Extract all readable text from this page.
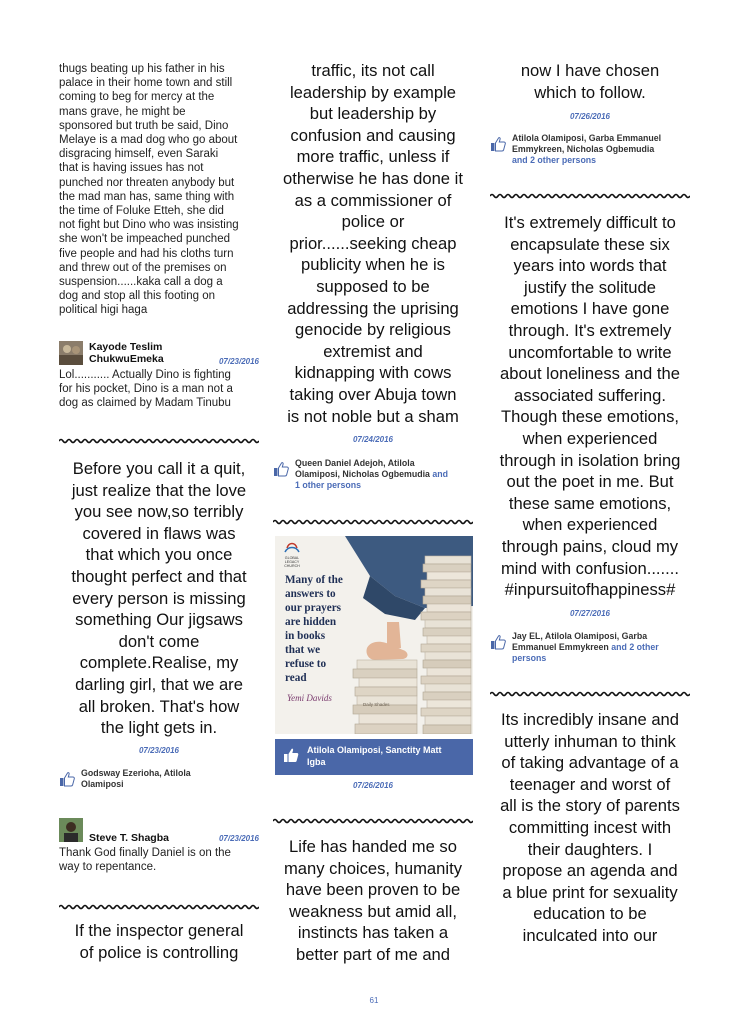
thugs beating up his father in his
palace in their home town and still
coming to beg for mercy at the
mans grave, he might be
sponsored but truth be said, Dino
Melaye is a mad dog who go about
disgracing himself, even Saraki
that is having issues has not
punched nor threaten anybody but
the mad man has, same thing with
the time of Foluke Etteh, she did
not fight but Dino who was insisting
she won't be impeached punched
five people and had his cloths turn
and threw out of the premises on
suspension......kaka call a dog a
dog and stop all this footing on
political higi haga
Kayode Teslim
ChukwuEmeka	07/23/2016
Lol........... Actually Dino is fighting
for his pocket, Dino is a man not a
dog as claimed by Madam Tinubu
Before you call it a quit,
just realize that the love
you see now,so terribly
covered in flaws was
that which you once
thought perfect and that
every person is missing
something Our jigsaws
don't come
complete.Realise, my
darling girl, that we are
all broken. That's how
the light gets in.
07/23/2016
Godsway Ezerioha, Atilola
Olamiposi
Steve T. Shagba	07/23/2016
Thank God finally Daniel is on the
way to repentance.
If the inspector general
of police is controlling
traffic, its not call
leadership by example
but leadership by
confusion and causing
more traffic, unless if
otherwise he has done it
as a commissioner of
police or
prior......seeking cheap
publicity when he is
supposed to be
addressing the uprising
genocide by religious
extremist and
kidnapping with cows
taking over Abuja town
is not noble but a sham
07/24/2016
Queen Daniel Adejoh, Atilola
Olamiposi, Nicholas Ogbemudia and
1 other persons
07/26/2016
Life has handed me so
many choices, humanity
have been proven to be
weakness but amid all,
instincts has taken a
better part of me and
GLOBAL
LEGACY
CHURCH
Many of the
answers to
our prayers
are hidden
in books
that we
refuse to
read
Yemi Davids
Daily Shades
Atilola Olamiposi, Sanctity Matt
Igba
now I have chosen
which to follow.
07/26/2016
Atilola Olamiposi, Garba Emmanuel
Emmykreen, Nicholas Ogbemudia
and 2 other persons
It's extremely difficult to
encapsulate these six
years into words that
justify the solitude
emotions I have gone
through. It's extremely
uncomfortable to write
about loneliness and the
associated suffering.
Though these emotions,
when experienced
through in isolation bring
out the poet in me. But
these same emotions,
when experienced
through pains, cloud my
mind with confusion.......
#inpursuitofhappiness#
07/27/2016
Jay EL, Atilola Olamiposi, Garba
Emmanuel Emmykreen and 2 other
persons
Its incredibly insane and
utterly inhuman to think
of taking advantage of a
teenager and worst of
all is the story of parents
committing incest with
their daughters. I
propose an agenda and
a blue print for sexuality
education to be
inculcated into our
61
